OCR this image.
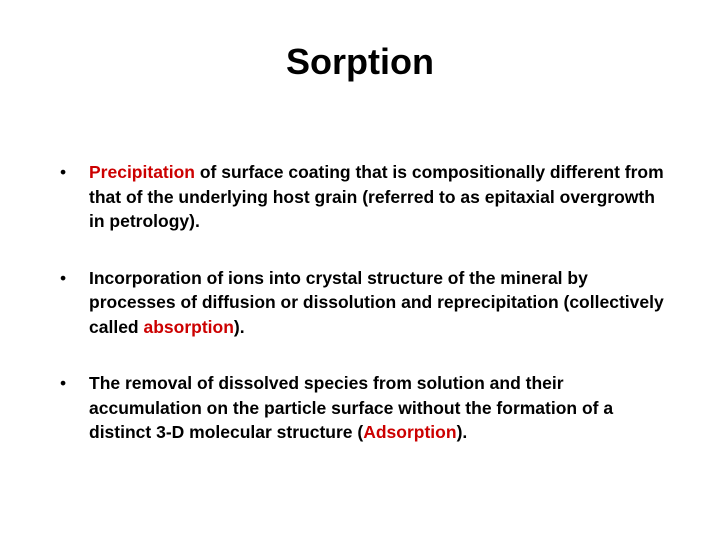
Sorption
• Precipitation of surface coating that is compositionally different from that of the underlying host grain (referred to as epitaxial overgrowth in petrology).
• Incorporation of ions into crystal structure of the mineral by processes of diffusion or dissolution and reprecipitation (collectively called absorption).
• The removal of dissolved species from solution and their accumulation on the particle surface without the formation of a distinct 3-D molecular structure (Adsorption).
